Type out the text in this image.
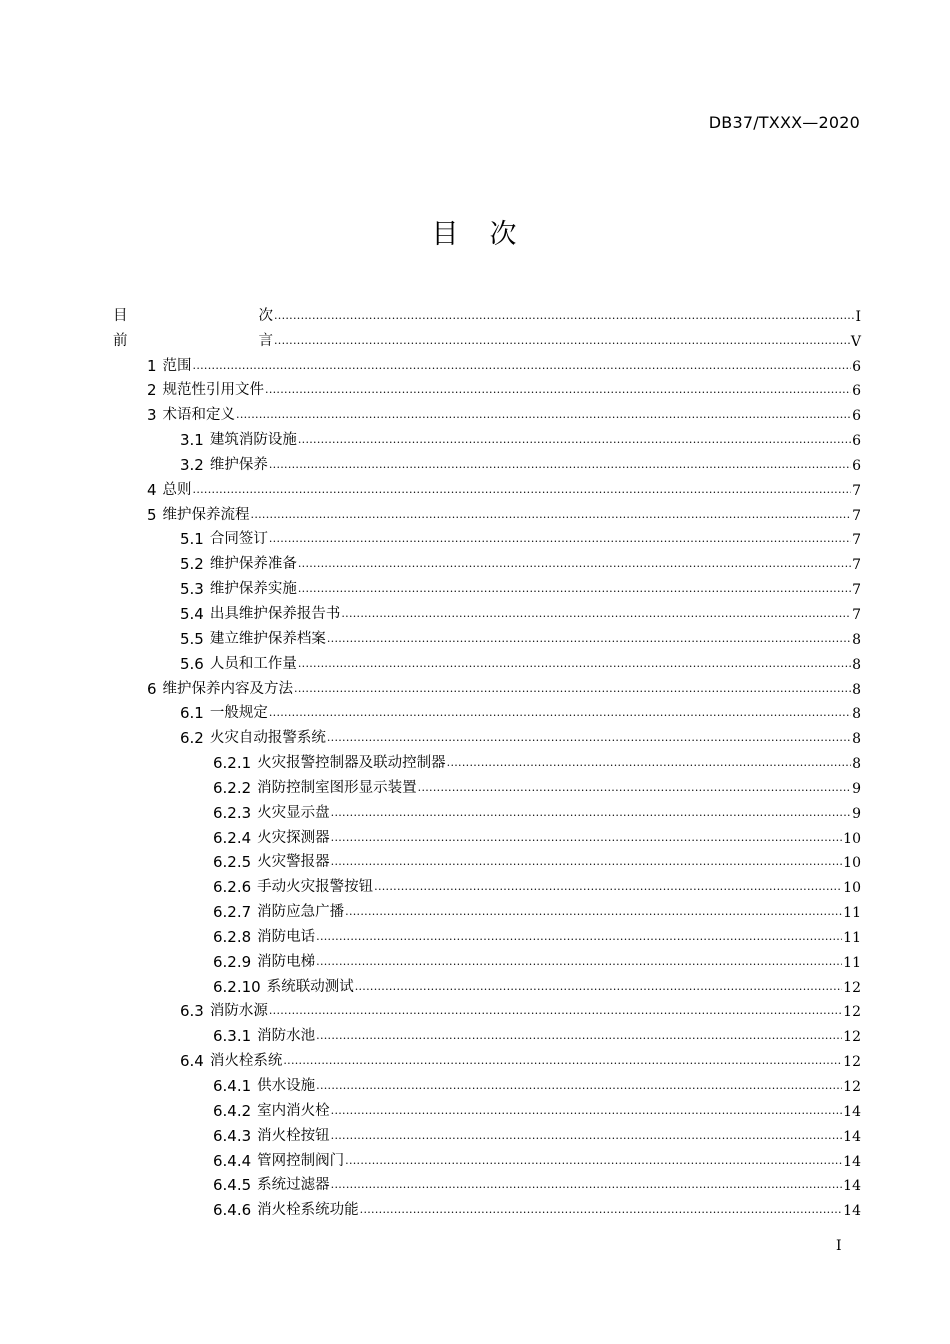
DB37/TXXX—2020
目　次
目　　次 .....	I
前　　言 .....	V
1 范围 .....	6
2 规范性引用文件 .....	6
3 术语和定义 .....	6
3.1 建筑消防设施 .....	6
3.2 维护保养 .....	6
4 总则 .....	7
5 维护保养流程 .....	7
5.1 合同签订 .....	7
5.2 维护保养准备 .....	7
5.3 维护保养实施 .....	7
5.4 出具维护保养报告书 .....	7
5.5 建立维护保养档案 .....	8
5.6 人员和工作量 .....	8
6 维护保养内容及方法 .....	8
6.1 一般规定 .....	8
6.2 火灾自动报警系统 .....	8
6.2.1 火灾报警控制器及联动控制器 .....	8
6.2.2 消防控制室图形显示装置 .....	9
6.2.3 火灾显示盘 .....	9
6.2.4 火灾探测器 .....	10
6.2.5 火灾警报器 .....	10
6.2.6 手动火灾报警按钮 .....	10
6.2.7 消防应急广播 .....	11
6.2.8 消防电话 .....	11
6.2.9 消防电梯 .....	11
6.2.10 系统联动测试 .....	12
6.3 消防水源 .....	12
6.3.1 消防水池 .....	12
6.4 消火栓系统 .....	12
6.4.1 供水设施 .....	12
6.4.2 室内消火栓 .....	14
6.4.3 消火栓按钮 .....	14
6.4.4 管网控制阀门 .....	14
6.4.5 系统过滤器 .....	14
6.4.6 消火栓系统功能 .....	14
I
